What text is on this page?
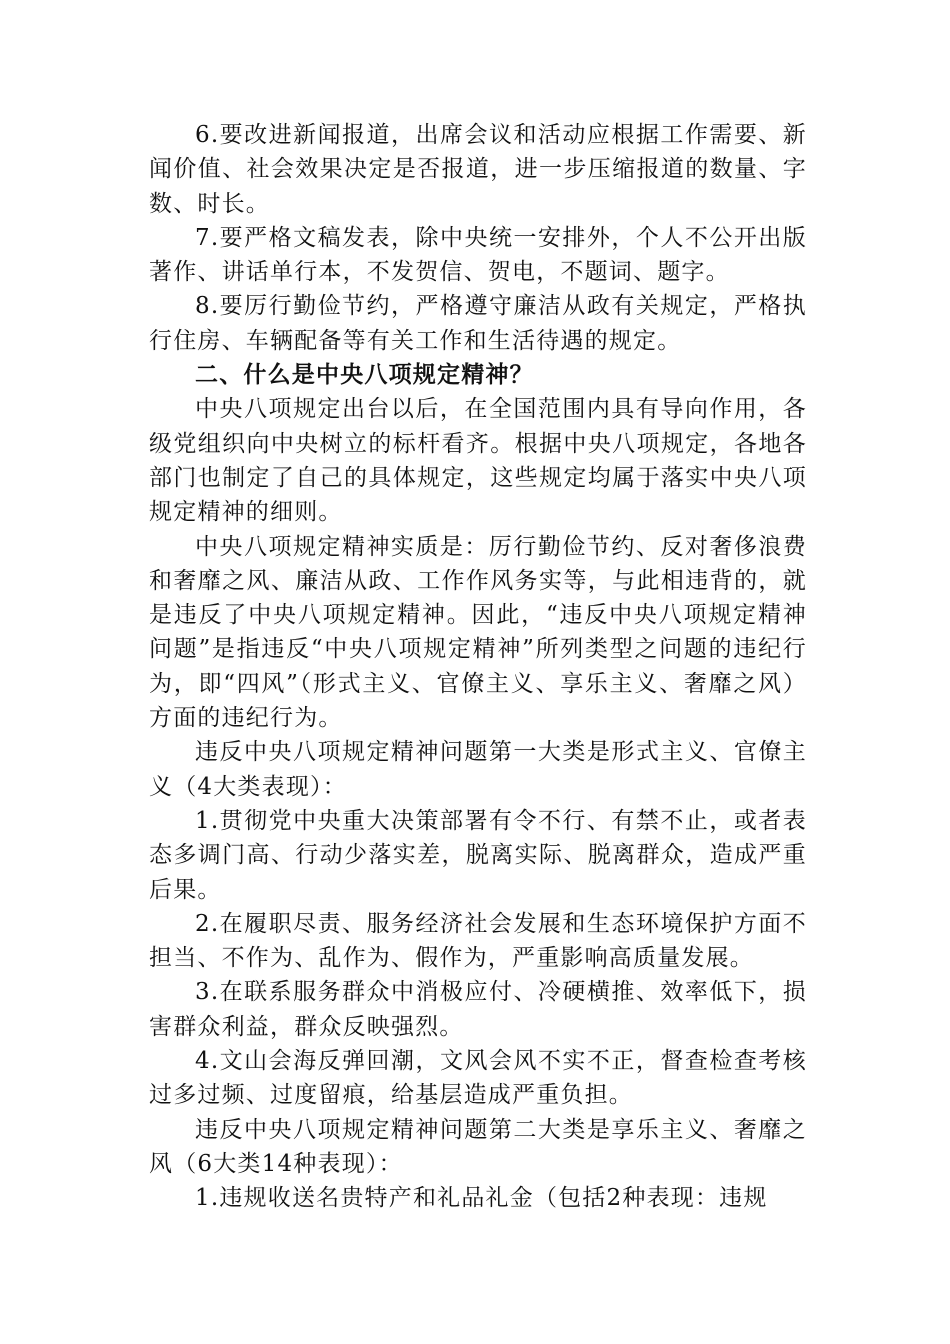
6.要改进新闻报道，出席会议和活动应根据工作需要、新闻价值、社会效果决定是否报道，进一步压缩报道的数量、字数、时长。

7.要严格文稿发表，除中央统一安排外，个人不公开出版著作、讲话单行本，不发贺信、贺电，不题词、题字。

8.要厉行勤俭节约，严格遵守廉洁从政有关规定，严格执行住房、车辆配备等有关工作和生活待遇的规定。

二、什么是中央八项规定精神？

中央八项规定出台以后，在全国范围内具有导向作用，各级党组织向中央树立的标杆看齐。根据中央八项规定，各地各部门也制定了自己的具体规定，这些规定均属于落实中央八项规定精神的细则。

中央八项规定精神实质是：厉行勤俭节约、反对奢侈浪费和奢靡之风、廉洁从政、工作作风务实等，与此相违背的，就是违反了中央八项规定精神。因此，“违反中央八项规定精神问题”是指违反“中央八项规定精神”所列类型之问题的违纪行为，即“四风”（形式主义、官僚主义、享乐主义、奢靡之风）方面的违纪行为。

违反中央八项规定精神问题第一大类是形式主义、官僚主义（4大类表现）：

1.贯彻党中央重大决策部署有令不行、有禁不止，或者表态多调门高、行动少落实差，脱离实际、脱离群众，造成严重后果。

2.在履职尽责、服务经济社会发展和生态环境保护方面不担当、不作为、乱作为、假作为，严重影响高质量发展。

3.在联系服务群众中消极应付、冷硬横推、效率低下，损害群众利益，群众反映强烈。

4.文山会海反弹回潮，文风会风不实不正，督查检查考核过多过频、过度留痕，给基层造成严重负担。

违反中央八项规定精神问题第二大类是享乐主义、奢靡之风（6大类14种表现）：

1.违规收送名贵特产和礼品礼金（包括2种表现：违规
